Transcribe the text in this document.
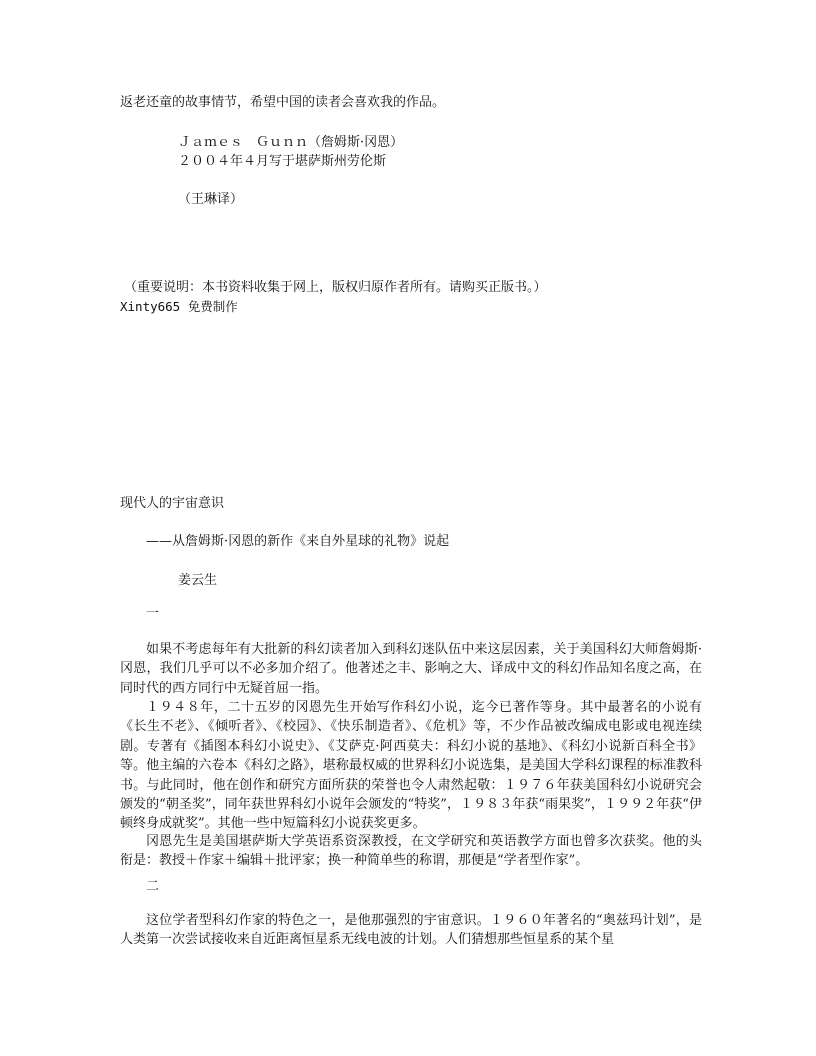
返老还童的故事情节，希望中国的读者会喜欢我的作品。
Ｊａｍｅｓ　Ｇｕｎｎ（詹姆斯·冈恩）
２００４年４月写于堪萨斯州劳伦斯
（王琳译）
（重要说明：本书资料收集于网上，版权归原作者所有。请购买正版书。）
Xinty665 免费制作
现代人的宇宙意识
——从詹姆斯·冈恩的新作《来自外星球的礼物》说起
姜云生
一
如果不考虑每年有大批新的科幻读者加入到科幻迷队伍中来这层因素，关于美国科幻大师詹姆斯·冈恩，我们几乎可以不必多加介绍了。他著述之丰、影响之大、译成中文的科幻作品知名度之高，在同时代的西方同行中无疑首屈一指。
１９４８年，二十五岁的冈恩先生开始写作科幻小说，迄今已著作等身。其中最著名的小说有《长生不老》、《倾听者》、《校园》、《快乐制造者》、《危机》等，不少作品被改编成电影或电视连续剧。专著有《插图本科幻小说史》、《艾萨克·阿西莫夫：科幻小说的基地》、《科幻小说新百科全书》等。他主编的六卷本《科幻之路》，堪称最权威的世界科幻小说选集，是美国大学科幻课程的标准教科书。与此同时，他在创作和研究方面所获的荣誉也令人肃然起敬：１９７６年获美国科幻小说研究会颁发的“朝圣奖”，同年获世界科幻小说年会颁发的“特奖”，１９８３年获“雨果奖”，１９９２年获“伊顿终身成就奖”。其他一些中短篇科幻小说获奖更多。
冈恩先生是美国堪萨斯大学英语系资深教授，在文学研究和英语教学方面也曾多次获奖。他的头衔是：教授＋作家＋编辑＋批评家；换一种简单些的称谓，那便是“学者型作家”。
二
这位学者型科幻作家的特色之一，是他那强烈的宇宙意识。１９６０年著名的“奥兹玛计划”，是人类第一次尝试接收来自近距离恒星系无线电波的计划。人们猜想那些恒星系的某个星
